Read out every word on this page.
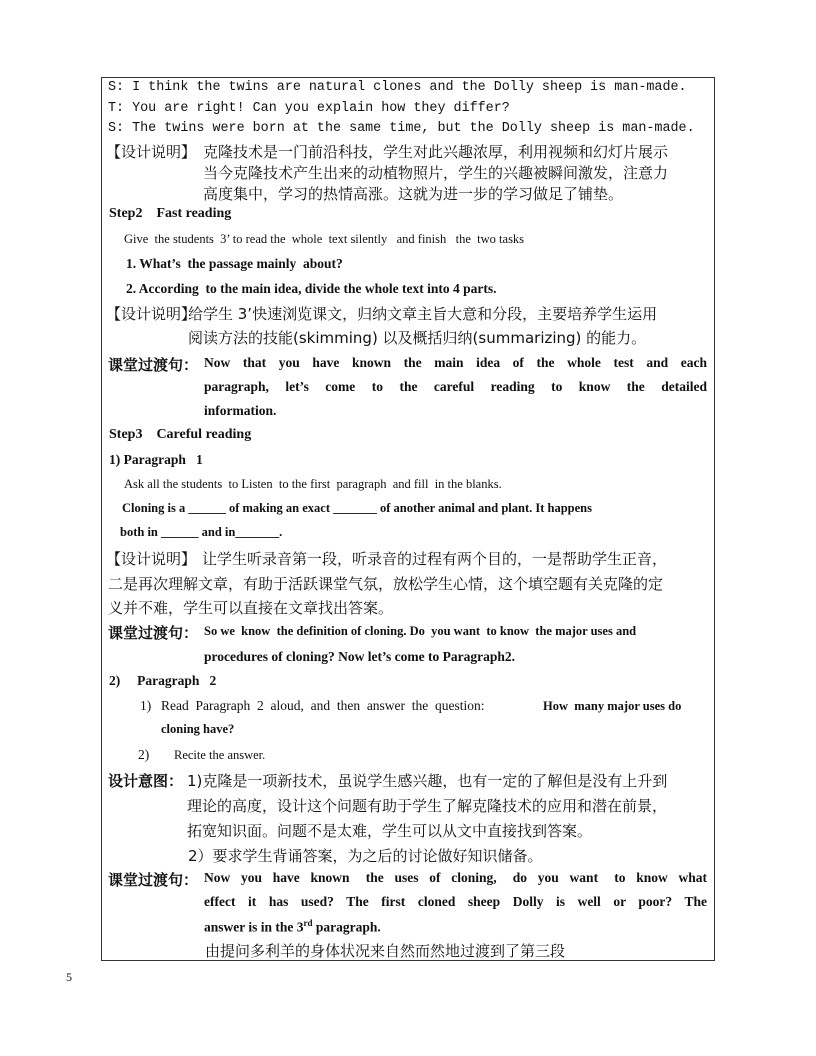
S: I think the twins are natural clones and the Dolly sheep is man-made.
T: You are right! Can you explain how they differ?
S: The twins were born at the same time, but the Dolly sheep is man-made.
【设计说明】 克隆技术是一门前沿科技，学生对此兴趣浓厚，利用视频和幻灯片展示
当今克隆技术产生出来的动植物照片，学生的兴趣被瞬间激发，注意力
高度集中，学习的热情高涨。这就为进一步的学习做足了铺垫。
Step2    Fast reading
Give  the students  3’ to read the  whole  text silently   and finish   the  two tasks
1. What’s  the passage mainly  about?
2. According  to the main idea, divide the whole text into 4 parts.
【设计说明】
给学生 3’快速浏览课文，归纳文章主旨大意和分段，主要培养学生运用
阅读方法的技能(skimming) 以及概括归纳(summarizing) 的能力。
课堂过渡句： Now  that  you  have  known  the  main  idea  of  the  whole  test  and  each
paragraph,  let’s  come  to  the  careful  reading  to  know  the  detailed
information.
Step3    Careful reading
1) Paragraph   1
Ask all the students  to Listen  to the first  paragraph  and fill  in the blanks.
Cloning is a ______ of making an exact _______ of another animal and plant. It happens
both in ______ and in_______.
【设计说明】 让学生听录音第一段，听录音的过程有两个目的，一是帮助学生正音，
二是再次理解文章，有助于活跃课堂气氛，放松学生心情，这个填空题有关克隆的定
义并不难，学生可以直接在文章找出答案。
课堂过渡句： So we  know  the definition of cloning. Do  you want  to know  the major uses and
procedures of cloning? Now let’s come to Paragraph2.
2)     Paragraph   2
1) Read  Paragraph  2  aloud,  and  then  answer  the  question:	How  many major uses do
cloning have?
2) Recite the answer.
设计意图： 1)克隆是一项新技术，虽说学生感兴趣，也有一定的了解但是没有上升到
理论的高度，设计这个问题有助于学生了解克隆技术的应用和潜在前景，
拓宽知识面。问题不是太难，学生可以从文中直接找到答案。
2）要求学生背诵答案，为之后的讨论做好知识储备。
课堂过渡句： Now  you  have  known   the  uses  of  cloning,   do  you  want   to  know  what
effect  it  has  used?  The  first  cloned  sheep  Dolly  is  well  or  poor?  The
answer is in the 3rd paragraph.
由提问多利羊的身体状况来自然而然地过渡到了第三段
5
